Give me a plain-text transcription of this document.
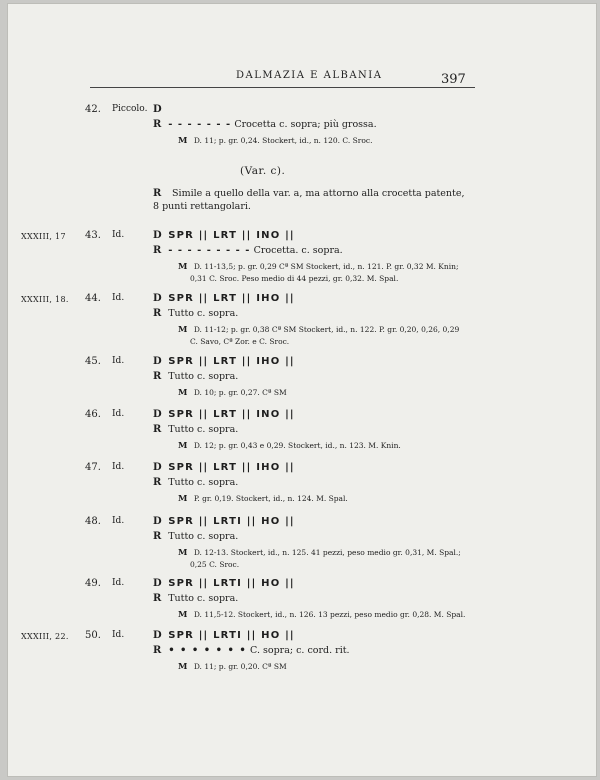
DALMAZIA E ALBANIA	397
42. Piccolo. D
R - - - - - - - Crocetta c. sopra; più grossa.
M D. 11; p. gr. 0,24. Stockert, id., n. 120. C. Sroc.
(Var. c).
R Simile a quello della var. a, ma attorno alla crocetta patente, 8 punti rettangolari.
XXXIII, 17 43. Id.	D SPR || LRT || INO ||
R - - - - - - - - - Crocetta. c. sopra.
M D. 11-13,5; p. gr. 0,29 Cª SM Stockert, id., n. 121. P. gr. 0,32 M. Knin;
0,31 C. Sroc. Peso medio di 44 pezzi, gr. 0,32. M. Spal.
XXXIII, 18. 44. Id.	D SPR || LRT || IHO ||
R Tutto c. sopra.
M D. 11-12; p. gr. 0,38 Cª SM Stockert, id., n. 122. P. gr. 0,20, 0,26, 0,29
C. Savo, Cª Zor. e C. Sroc.
45. Id.	D SPR || LRT || IHO ||
R Tutto c. sopra.
M D. 10; p. gr. 0,27. Cª SM
46. Id.	D SPR || LRT || INO ||
R Tutto c. sopra.
M D. 12; p. gr. 0,43 e 0,29. Stockert, id., n. 123. M. Knin.
47. Id.	D SPR || LRT || IHO ||
R Tutto c. sopra.
M P. gr. 0,19. Stockert, id., n. 124. M. Spal.
48. Id.	D SPR || LRTI || HO ||
R Tutto c. sopra.
M D. 12-13. Stockert, id., n. 125. 41 pezzi, peso medio gr. 0,31, M. Spal.;
0,25 C. Sroc.
49. Id.	D SPR || LRTI || HO ||
R Tutto c. sopra.
M D. 11,5-12. Stockert, id., n. 126. 13 pezzi, peso medio gr. 0,28. M. Spal.
XXXIII, 22. 50. Id.	D SPR || LRTI || HO ||
R • • • • • • • C. sopra; c. cord. rit.
M D. 11; p. gr. 0,20. Cª SM
